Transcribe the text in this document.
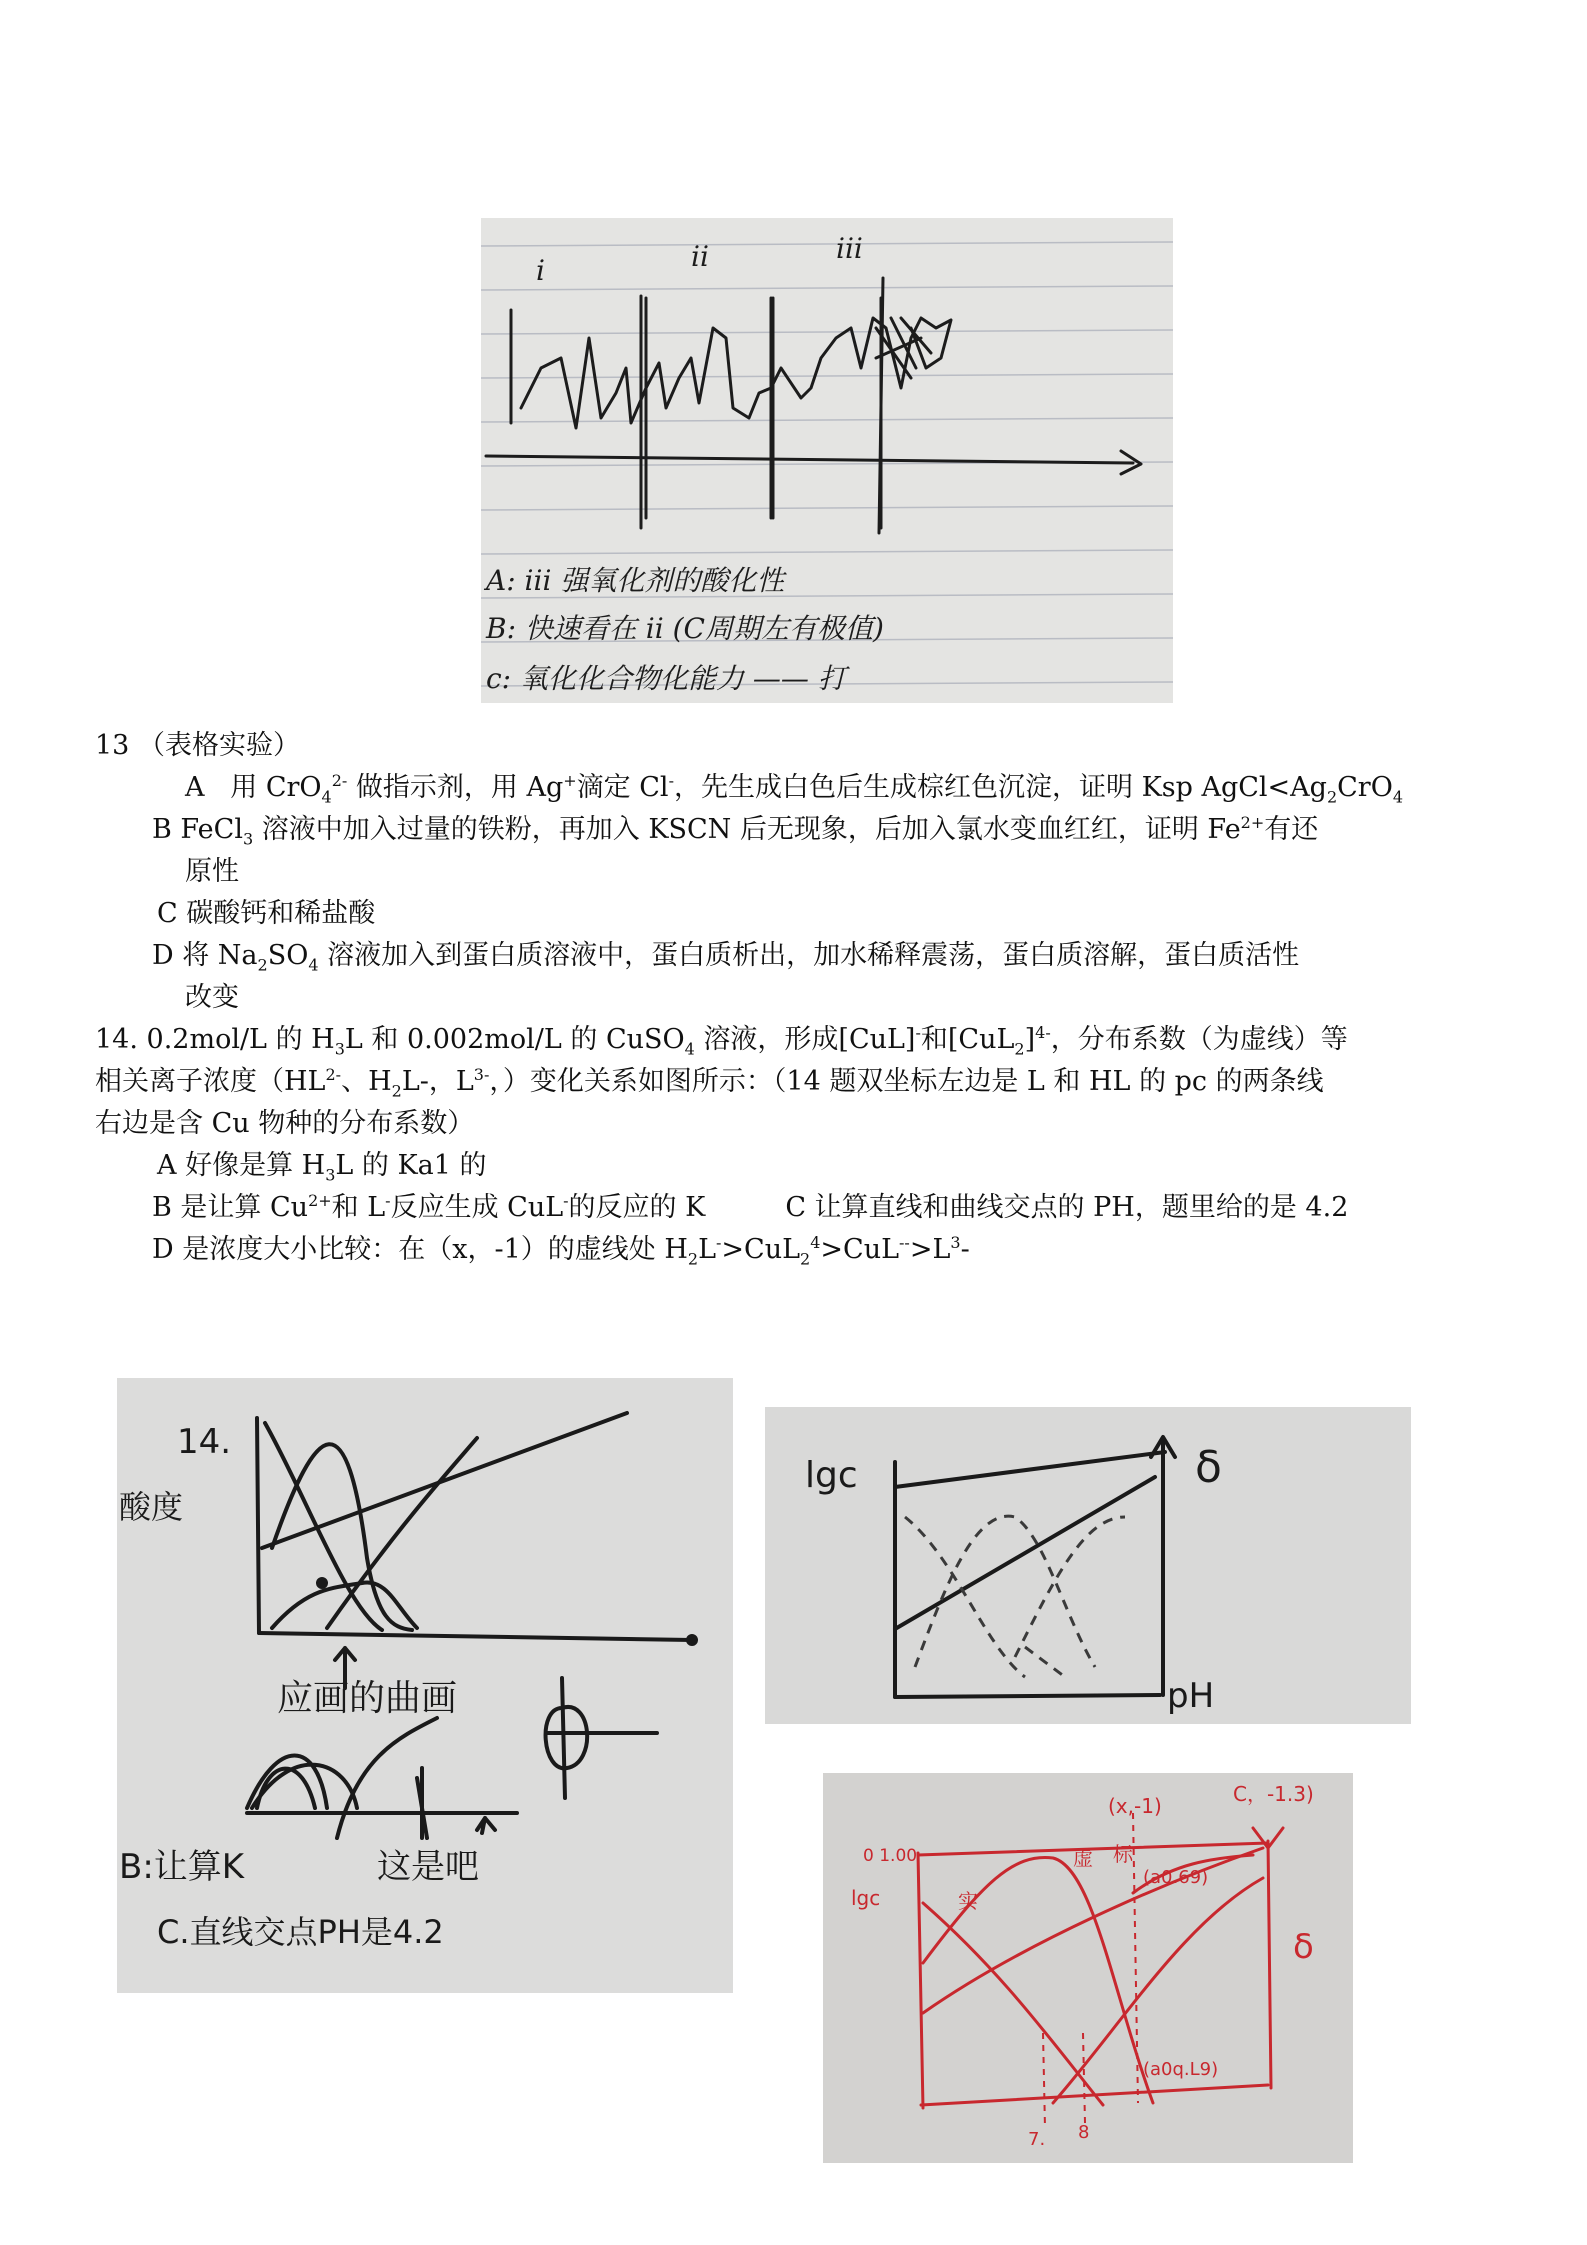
i	ii	iii
A: iii 强氧化剂的酸化性
B: 快速看在 ii (C周期左有极值)
c: 氧化化合物化能力 —— 打
13 （表格实验）
A 用 CrO$_4^{2-}$ 做指示剂，用 Ag+滴定 Cl-，先生成白色后生成棕红色沉淀，证明 Ksp $AgCl<Ag_2CrO_4$
B FeCl$_3$ 溶液中加入过量的铁粉，再加入 KSCN 后无现象，后加入氯水变血红红，证明 $Fe^{2+}$有还
原性
C 碳酸钙和稀盐酸
D 将 $Na_2SO_4$ 溶液加入到蛋白质溶液中，蛋白质析出，加水稀释震荡，蛋白质溶解，蛋白质活性
改变
14. 0.2mol/L 的 $H_3L$ 和 0.002mol/L 的 CuSO$_4$ 溶液，形成[CuL]-和$[CuL_2]^{4-}$，分布系数（为虚线）等
相关离子浓度（$HL^{2-}$、$H_2L-$，$L^{3-}$，）变化关系如图所示：（14 题双坐标左边是 L 和 HL 的 pc 的两条线
右边是含 Cu 物种的分布系数）
A 好像是算 $H_3L$ 的 Ka1 的
B 是让算 $Cu^{2+}$和 L-反应生成 CuL-的反应的 K	C 让算直线和曲线交点的 PH，题里给的是 4.2
D 是浓度大小比较：在（x，-1）的虚线处 $H_2L^->CuL_2^4>CuL^{--}>L^3-$
14.
酸度
应画的曲画
B:让算K	这是吧
C.直线交点PH是4.2
lgc	δ
pH
(x,-1)	C，-1.3)
0 1.00
lgc
δ
实
虚 标
(a0.69)
(a0q.L9)
7. 8
